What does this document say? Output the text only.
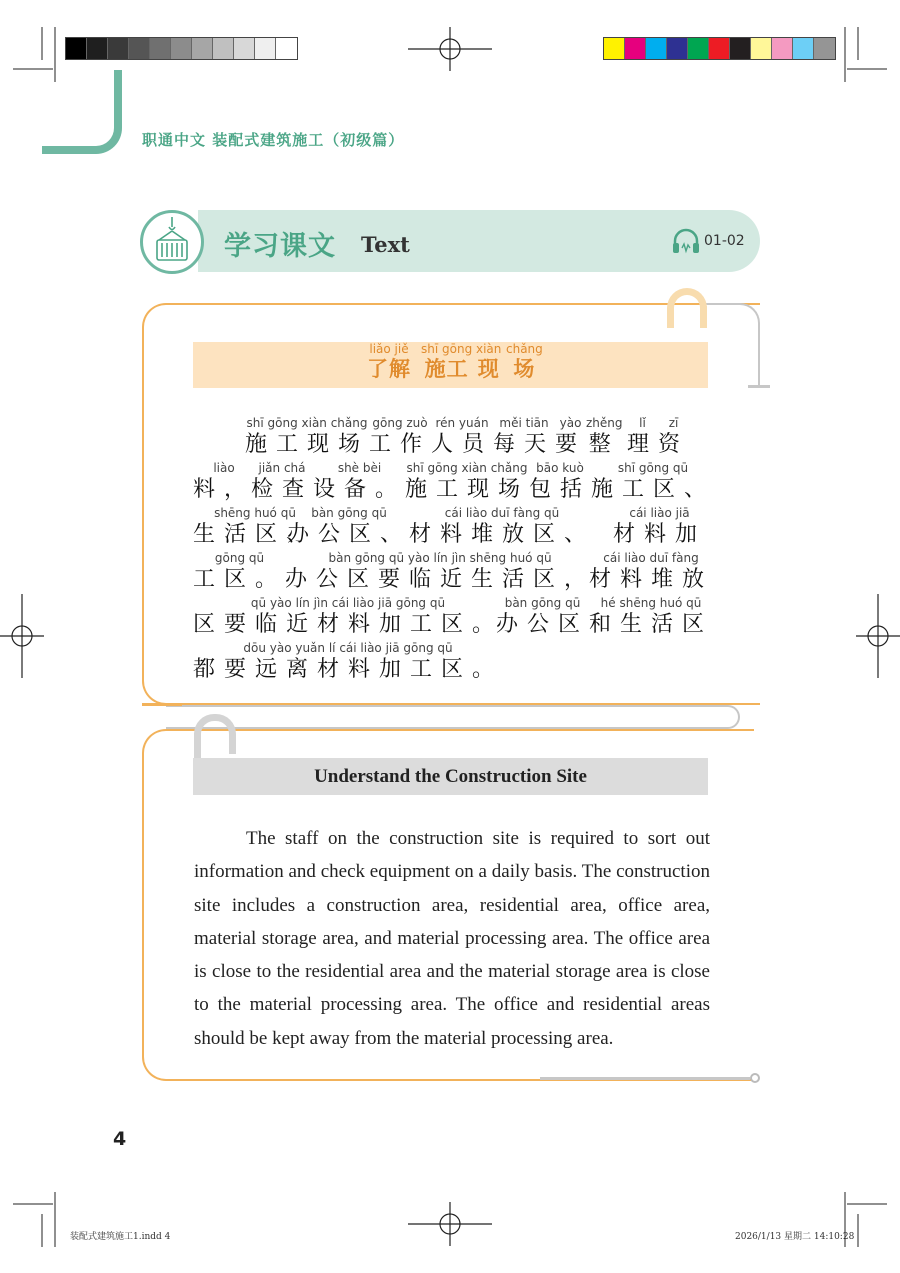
职通中文 装配式建筑施工（初级篇）
学习课文 Text	01-02
liǎo jiě
了解
shī gōng
施工
xiàn
现
chǎng
场
shī gōng xiàn chǎng
施工现场
gōng zuò
工作
rén yuán
人员
měi tiān
每天
yào
要
zhěng
整
lǐ
理
zī
资
liào
料，
jiǎn chá
检查
shè bèi
设备。
shī gōng xiàn chǎng
施工现场
bāo kuò
包括
shī gōng qū
施工区、
shēng huó qū
生活区、
bàn gōng qū
办公区、
cái liào duī fàng qū
材料堆放区、
cái liào jiā
材料加
gōng qū
工区。
bàn gōng qū yào lín jìn shēng huó qū
办公区要临近生活区，
cái liào duī fàng
材料堆放
qū yào lín jìn cái liào jiā gōng qū
区要临近材料加工区。
bàn gōng qū
办公区
hé shēng huó qū
和生活区
dōu yào yuǎn lí cái liào jiā gōng qū
都要远离材料加工区。
Understand the Construction Site

The staff on the construction site is required to sort out information and check equipment on a daily basis. The construction site includes a construction area, residential area, office area, material storage area, and material processing area. The office area is close to the residential area and the material storage area is close to the material processing area. The office and residential areas should be kept away from the material processing area.

4
装配式建筑施工1.indd 4	2026/1/13 星期二 14:10:28
